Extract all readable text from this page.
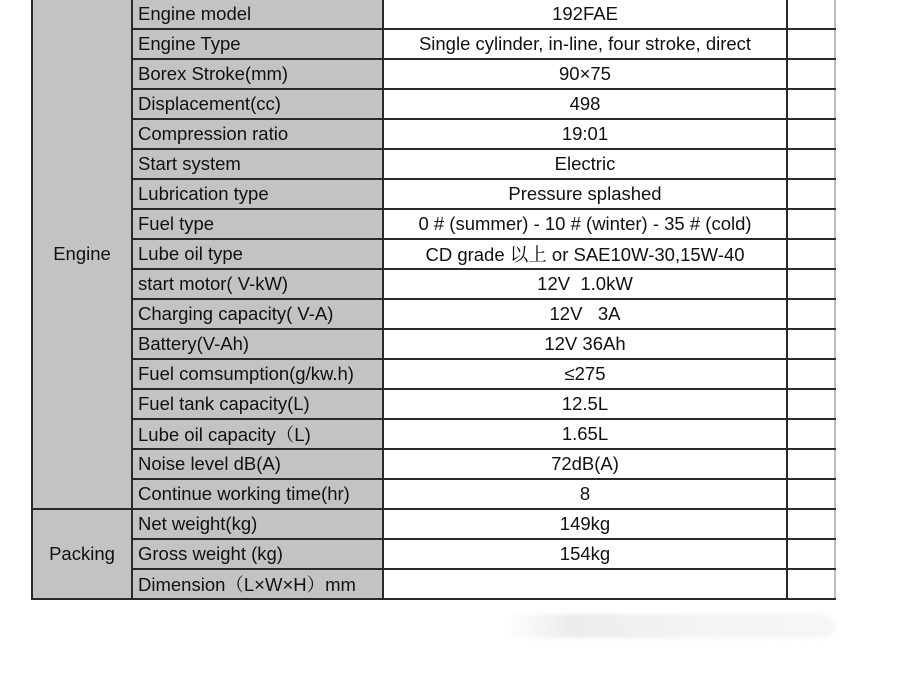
Engine	Engine model	192FAE	
	Engine Type	Single cylinder, in-line, four stroke, direct	
	Borex Stroke(mm)	90×75	
	Displacement(cc)	498	
	Compression ratio	19:01	
	Start system	Electric	
	Lubrication type	Pressure splashed	
	Fuel type	0 # (summer) - 10 # (winter) - 35 # (cold)	
	Lube oil type	CD grade 以上 or SAE10W-30,15W-40	
	start motor( V-kW)	12V  1.0kW	
	Charging capacity( V-A)	12V   3A	
	Battery(V-Ah)	12V 36Ah	
	Fuel comsumption(g/kw.h)	≤275	
	Fuel tank capacity(L)	12.5L	
	Lube oil capacity（L)	1.65L	
	Noise level dB(A)	72dB(A)	
	Continue working time(hr)	8	
Packing	Net weight(kg)	149kg	
	Gross weight (kg)	154kg	
	Dimension（L×W×H）mm		
